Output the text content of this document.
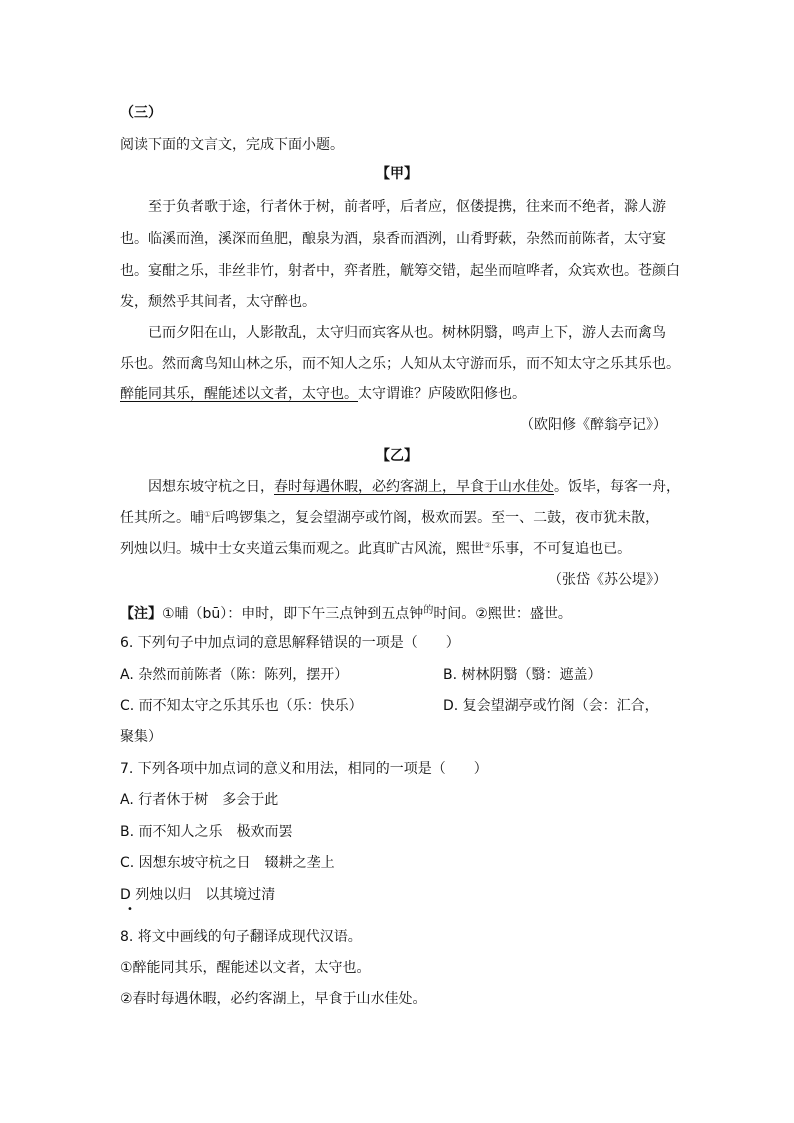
（三）
阅读下面的文言文，完成下面小题。
【甲】
至于负者歌于途，行者休于树，前者呼，后者应，伛偻提携，往来而不绝者，滁人游
也。临溪而渔，溪深而鱼肥，酿泉为酒，泉香而酒洌，山肴野蔌，杂然而前陈者，太守宴
也。宴酣之乐，非丝非竹，射者中，弈者胜，觥筹交错，起坐而喧哗者，众宾欢也。苍颜白
发，颓然乎其间者，太守醉也。
已而夕阳在山，人影散乱，太守归而宾客从也。树林阴翳，鸣声上下，游人去而禽鸟
乐也。然而禽鸟知山林之乐，而不知人之乐；人知从太守游而乐，而不知太守之乐其乐也。
醉能同其乐，醒能述以文者，太守也。太守谓谁？庐陵欧阳修也。
（欧阳修《醉翁亭记》）
【乙】
因想东坡守杭之日，春时每遇休暇，必约客湖上，早食于山水佳处。饭毕，每客一舟，
任其所之。晡①后鸣锣集之，复会望湖亭或竹阁，极欢而罢。至一、二鼓，夜市犹未散，
列烛以归。城中士女夹道云集而观之。此真旷古风流，熙世②乐事，不可复追也已。
（张岱《苏公堤》）
【注】①晡（bū）：申时，即下午三点钟到五点钟$^的$时间。②熙世：盛世。
6. 下列句子中加点词的意思解释错误的一项是（　　）
A. 杂然而前陈者（陈：陈列，摆开）	B. 树林阴翳（翳：遮盖）
C. 而不知太守之乐其乐也（乐：快乐）	D. 复会望湖亭或竹阁（会：汇合，
聚集）
7. 下列各项中加点词的意义和用法，相同的一项是（　　）
A. 行者休于树　多会于此
B. 而不知人之乐　极欢而罢
C. 因想东坡守杭之日　辍耕之垄上
D 列烛以归　以其境过清
•
8. 将文中画线的句子翻译成现代汉语。
①醉能同其乐，醒能述以文者，太守也。
②春时每遇休暇，必约客湖上，早食于山水佳处。
